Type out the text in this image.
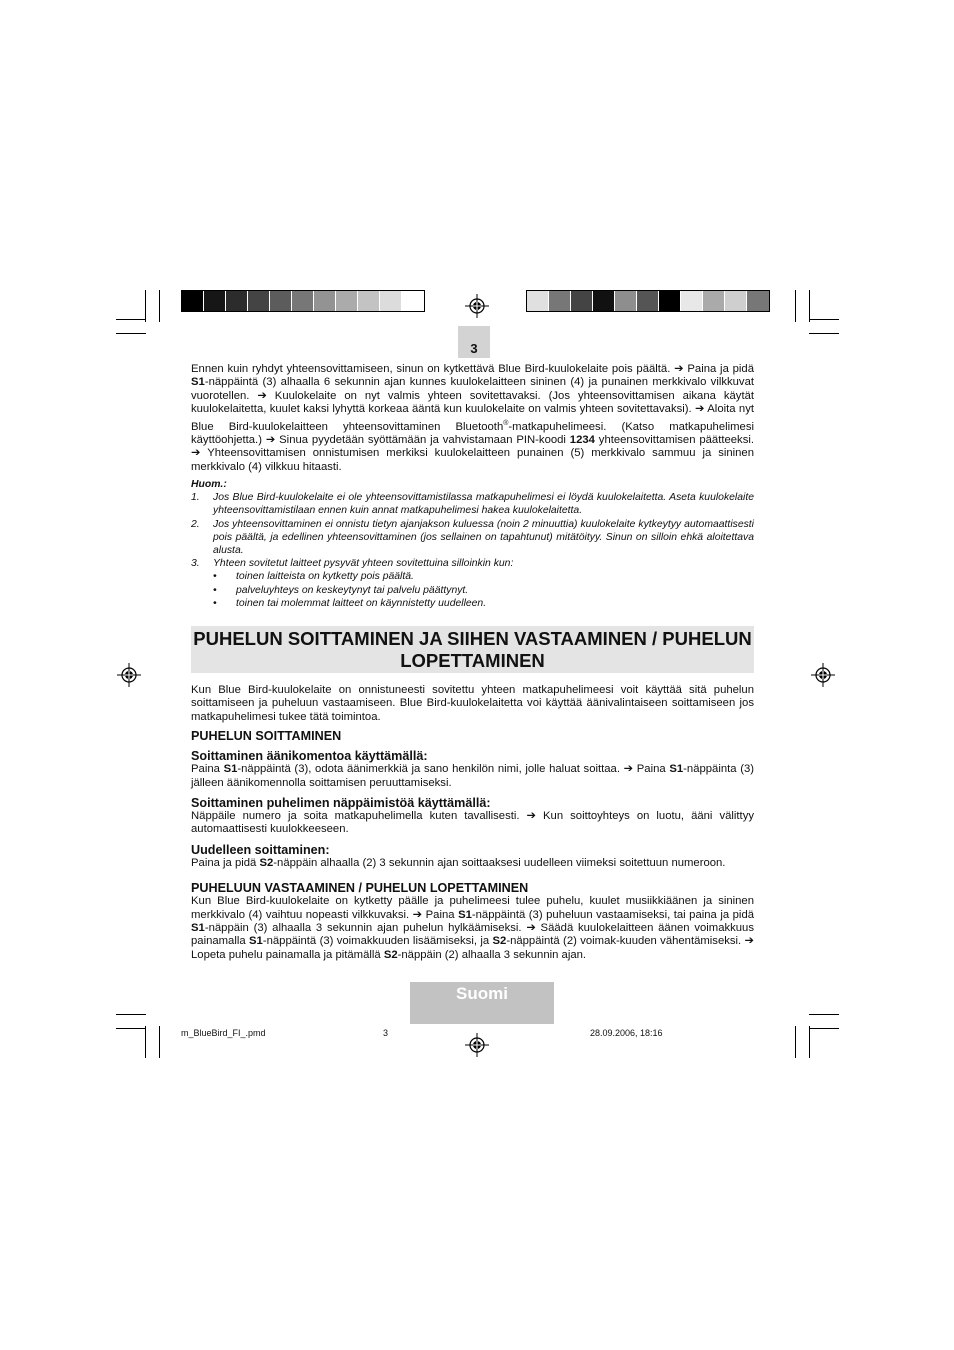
3

Ennen kuin ryhdyt yhteensovittamiseen, sinun on kytkettävä Blue Bird-kuulokelaite pois päältä. ➔ Paina ja pidä S1-näppäintä (3) alhaalla 6 sekunnin ajan kunnes kuulokelaitteen sininen (4) ja punainen merkkivalo vilkkuvat vuorotellen. ➔ Kuulokelaite on nyt valmis yhteen sovitettavaksi. (Jos yhteensovittamisen aikana käytät kuulokelaitetta, kuulet kaksi lyhyttä korkeaa ääntä kun kuulokelaite on valmis yhteen sovitettavaksi). ➔ Aloita nyt Blue Bird-kuulokelaitteen yhteensovittaminen Bluetooth®-matkapuhelimeesi. (Katso matkapuhelimesi käyttöohjetta.) ➔ Sinua pyydetään syöttämään ja vahvistamaan PIN-koodi 1234 yhteensovittamisen päätteeksi. ➔ Yhteensovittamisen onnistumisen merkiksi kuulokelaitteen punainen (5) merkkivalo sammuu ja sininen merkkivalo (4) vilkkuu hitaasti.

Huom.:
1.	Jos Blue Bird-kuulokelaite ei ole yhteensovittamistilassa matkapuhelimesi ei löydä kuulokelaitetta. Aseta kuulokelaite yhteensovittamistilaan ennen kuin annat matkapuhelimesi hakea kuulokelaitetta.
2.	Jos yhteensovittaminen ei onnistu tietyn ajanjakson kuluessa (noin 2 minuuttia) kuulokelaite kytkeytyy automaattisesti pois päältä, ja edellinen yhteensovittaminen (jos sellainen on tapahtunut) mitätöityy. Sinun on silloin ehkä aloitettava alusta.
3.	Yhteen sovitetut laitteet pysyvät yhteen sovitettuina silloinkin kun:
•	toinen laitteista on kytketty pois päältä.
•	palveluyhteys on keskeytynyt tai palvelu päättynyt.
•	toinen tai molemmat laitteet on käynnistetty uudelleen.
PUHELUN SOITTAMINEN JA SIIHEN VASTAAMINEN / PUHELUN
LOPETTAMINEN

Kun Blue Bird-kuulokelaite on onnistuneesti sovitettu yhteen matkapuhelimeesi voit käyttää sitä puhelun soittamiseen ja puheluun vastaamiseen. Blue Bird-kuulokelaitetta voi käyttää äänivalintaiseen soittamiseen jos matkapuhelimesi tukee tätä toimintoa.

PUHELUN SOITTAMINEN
Soittaminen äänikomentoa käyttämällä:

Paina S1-näppäintä (3), odota äänimerkkiä ja sano henkilön nimi, jolle haluat soittaa. ➔ Paina S1-näppäinta (3) jälleen äänikomennolla soittamisen peruuttamiseksi.

Soittaminen puhelimen näppäimistöä käyttämällä:

Näppäile numero ja soita matkapuhelimella kuten tavallisesti. ➔ Kun soittoyhteys on luotu, ääni välittyy automaattisesti kuulokkeeseen.

Uudelleen soittaminen:

Paina ja pidä S2-näppäin alhaalla (2) 3 sekunnin ajan soittaaksesi uudelleen viimeksi soitettuun numeroon.

PUHELUUN VASTAAMINEN / PUHELUN LOPETTAMINEN

Kun Blue Bird-kuulokelaite on kytketty päälle ja puhelimeesi tulee puhelu, kuulet musiikkiäänen ja sininen merkkivalo (4) vaihtuu nopeasti vilkkuvaksi. ➔ Paina S1-näppäintä (3) puheluun vastaamiseksi, tai paina ja pidä S1-näppäin (3) alhaalla 3 sekunnin ajan puhelun hylkäämiseksi. ➔ Säädä kuulokelaitteen äänen voimakkuus painamalla S1-näppäintä (3) voimakkuuden lisäämiseksi, ja S2-näppäintä (2) voimak-kuuden vähentämiseksi. ➔ Lopeta puhelu painamalla ja pitämällä S2-näppäin (2) alhaalla 3 sekunnin ajan.

Suomi
m_BlueBird_FI_.pmd	3	28.09.2006, 18:16
